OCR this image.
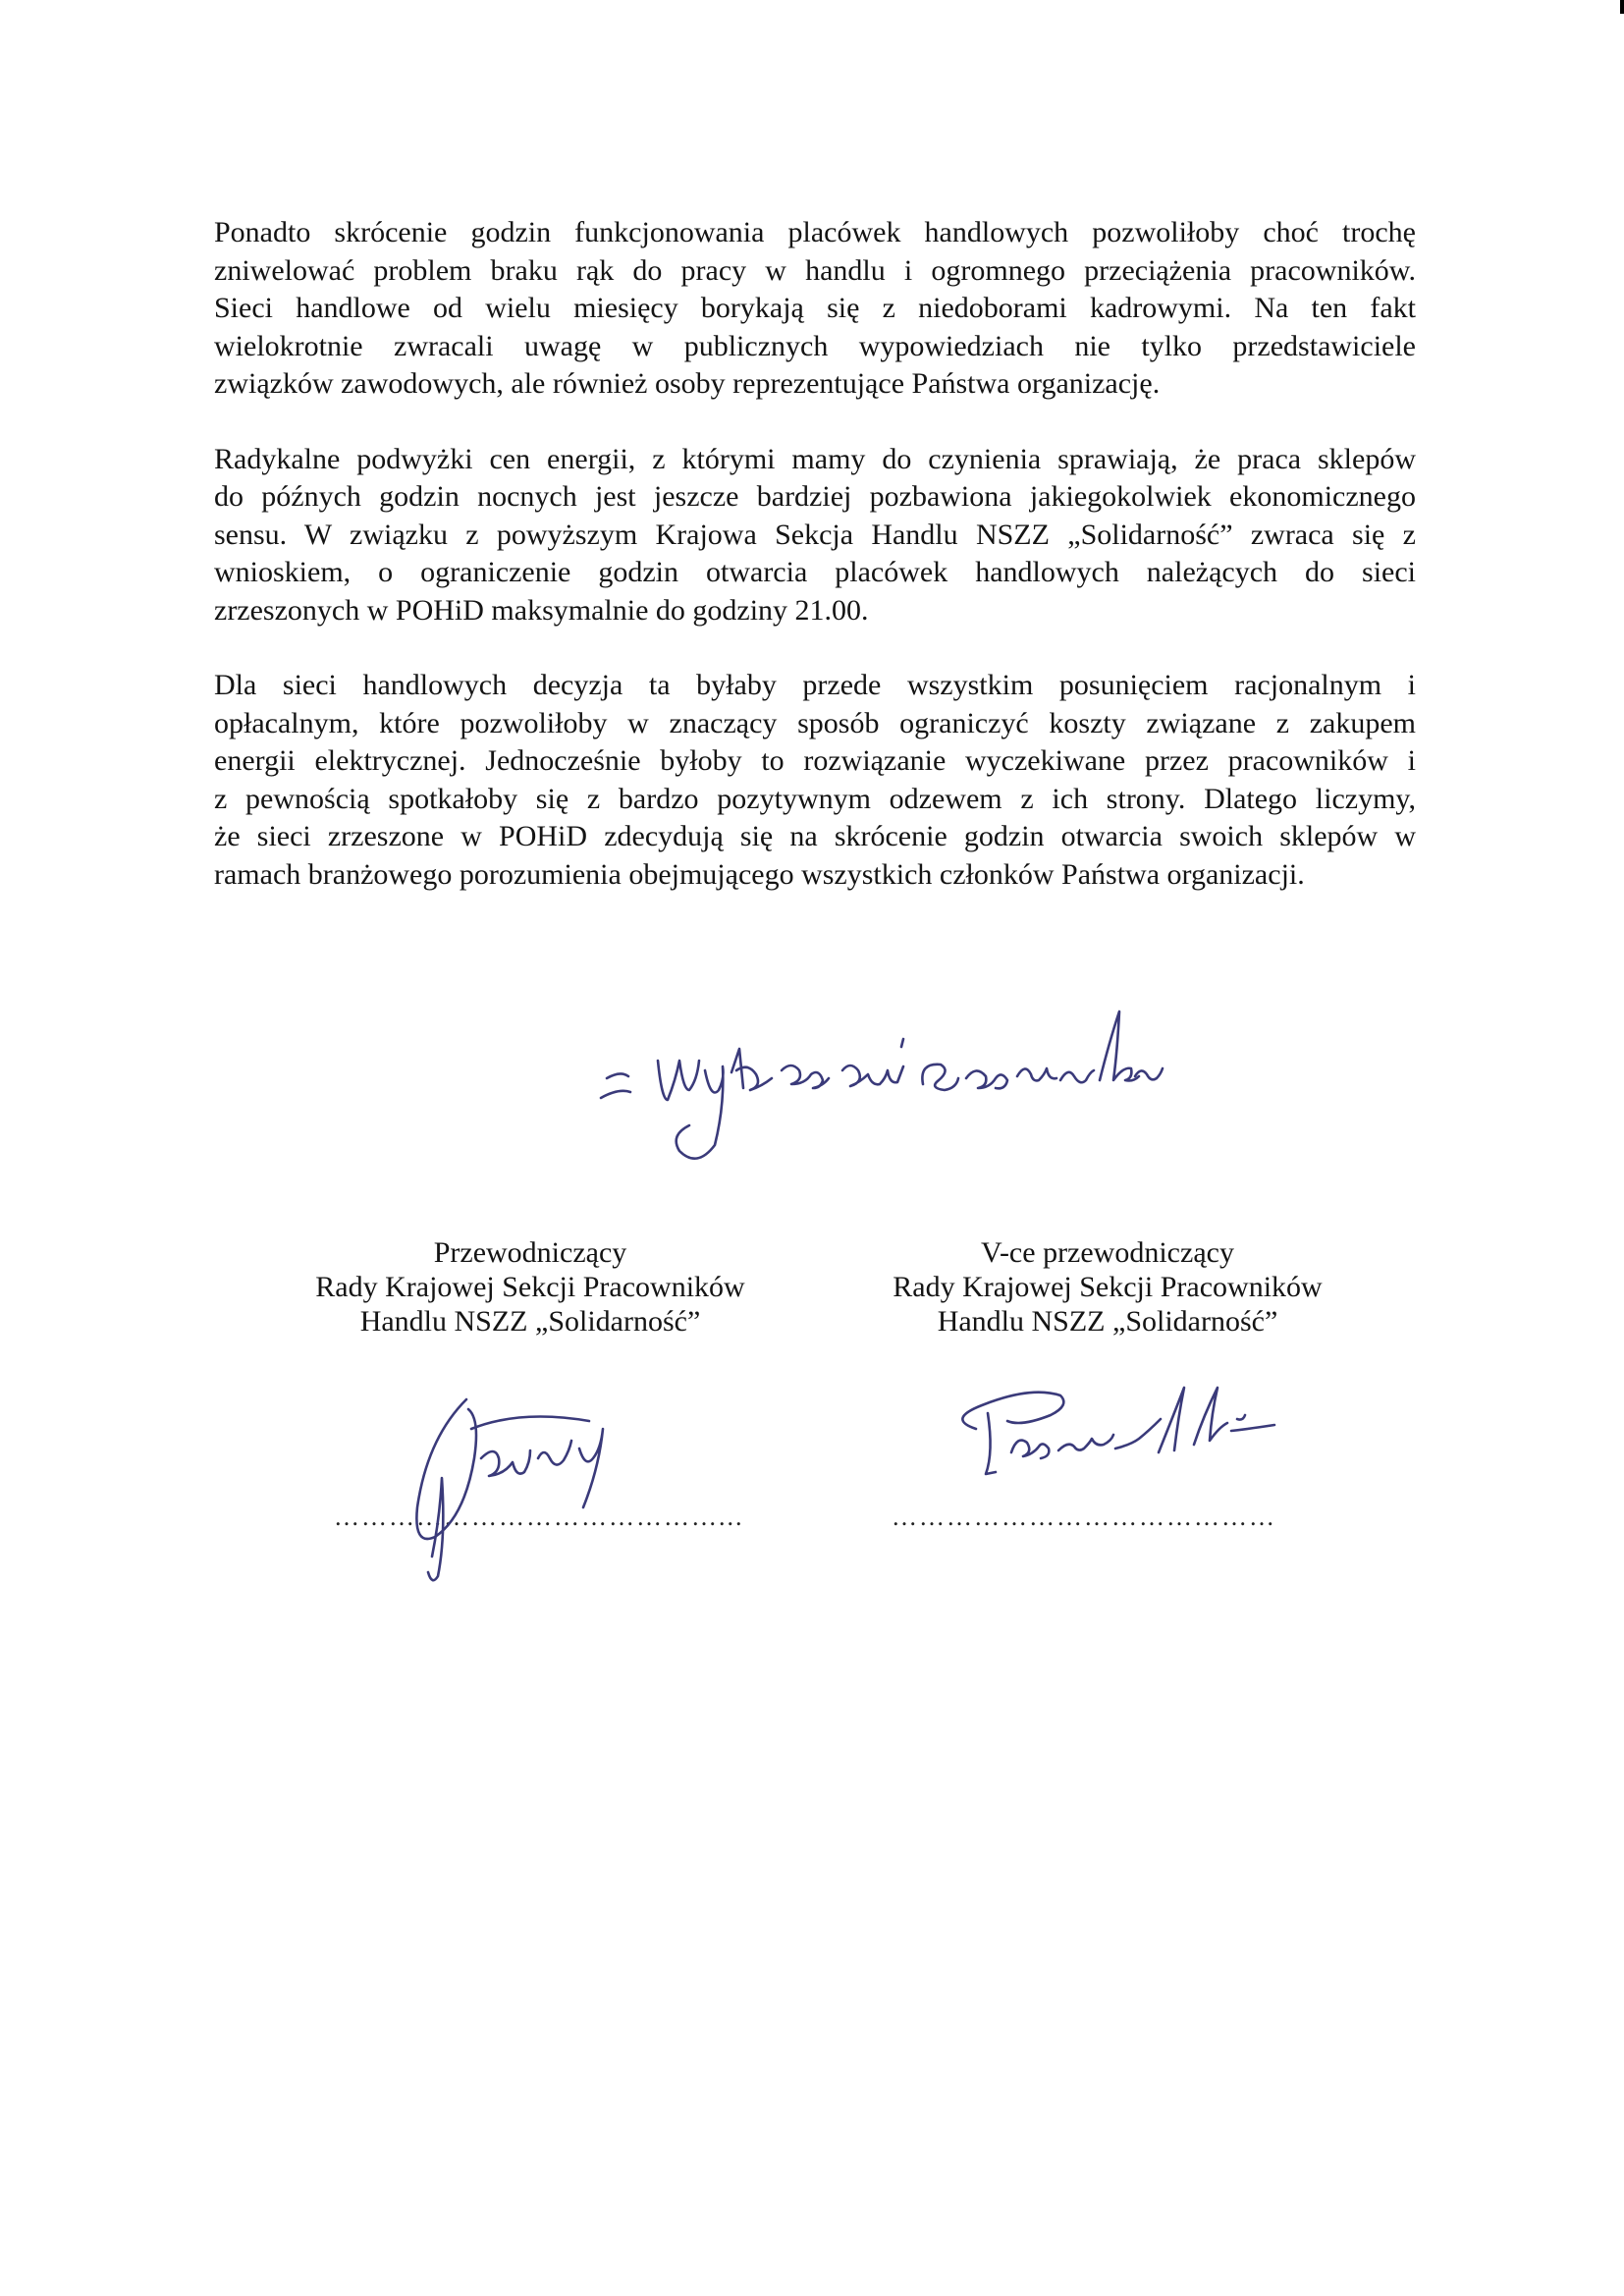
Ponadto skrócenie godzin funkcjonowania placówek handlowych pozwoliłoby choć trochę
zniwelować problem braku rąk do pracy w handlu i ogromnego przeciążenia pracowników.
Sieci handlowe od wielu miesięcy borykają się z niedoborami kadrowymi. Na ten fakt
wielokrotnie zwracali uwagę w publicznych wypowiedziach nie tylko przedstawiciele
związków zawodowych, ale również osoby reprezentujące Państwa organizację.

Radykalne podwyżki cen energii, z którymi mamy do czynienia sprawiają, że praca sklepów
do późnych godzin nocnych jest jeszcze bardziej pozbawiona jakiegokolwiek ekonomicznego
sensu. W związku z powyższym Krajowa Sekcja Handlu NSZZ „Solidarność” zwraca się z
wnioskiem, o ograniczenie godzin otwarcia placówek handlowych należących do sieci
zrzeszonych w POHiD maksymalnie do godziny 21.00.

Dla sieci handlowych decyzja ta byłaby przede wszystkim posunięciem racjonalnym i
opłacalnym, które pozwoliłoby w znaczący sposób ograniczyć koszty związane z zakupem
energii elektrycznej. Jednocześnie byłoby to rozwiązanie wyczekiwane przez pracowników i
z pewnością spotkałoby się z bardzo pozytywnym odzewem z ich strony. Dlatego liczymy,
że sieci zrzeszone w POHiD zdecydują się na skrócenie godzin otwarcia swoich sklepów w
ramach branżowego porozumienia obejmującego wszystkich członków Państwa organizacji.

Przewodniczący
Rady Krajowej Sekcji Pracowników
Handlu NSZZ „Solidarność”
V-ce przewodniczący
Rady Krajowej Sekcji Pracowników
Handlu NSZZ „Solidarność”
……………………………………...	……………………………………
